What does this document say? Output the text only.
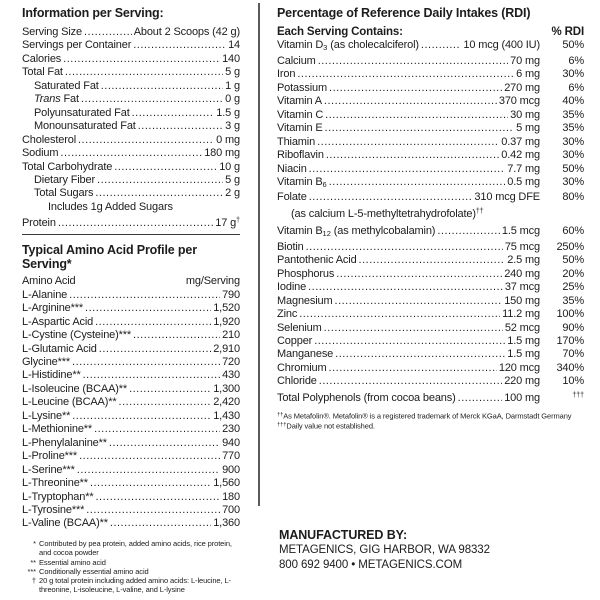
Information per Serving:
Serving Size .....	About 2 Scoops (42 g)
Servings per Container .....	14
Calories .....	140
Total Fat .....	5 g
Saturated Fat .....	1 g
Trans Fat .....	0 g
Polyunsaturated Fat .....	1.5 g
Monounsaturated Fat .....	3 g
Cholesterol .....	0 mg
Sodium .....	180 mg
Total Carbohydrate .....	10 g
Dietary Fiber .....	5 g
Total Sugars .....	2 g
Includes 1g Added Sugars
Protein .....	17 g†
Typical Amino Acid Profile per Serving*
Amino Acid	mg/Serving
L-Alanine .....	790
L-Arginine*** .....	1,520
L-Aspartic Acid .....	1,920
L-Cystine (Cysteine)*** .....	210
L-Glutamic Acid .....	2,910
Glycine*** .....	720
L-Histidine** .....	430
L-Isoleucine (BCAA)** .....	1,300
L-Leucine (BCAA)** .....	2,420
L-Lysine** .....	1,430
L-Methionine** .....	230
L-Phenylalanine** .....	940
L-Proline*** .....	770
L-Serine*** .....	900
L-Threonine** .....	1,560
L-Tryptophan** .....	180
L-Tyrosine*** .....	700
L-Valine (BCAA)** .....	1,360
* Contributed by pea protein, added amino acids, rice protein, and cocoa powder
** Essential amino acid
*** Conditionally essential amino acid
† 20 g total protein including added amino acids: L-leucine, L-threonine, L-isoleucine, L-valine, and L-lysine
Percentage of Reference Daily Intakes (RDI)
Each Serving Contains:	% RDI
Vitamin $D_3$ (as cholecalciferol) .....	10 mcg (400 IU)	50%
Calcium .....	70 mg	6%
Iron .....	6 mg	30%
Potassium .....	270 mg	6%
Vitamin A .....	370 mcg	40%
Vitamin C .....	30 mg	35%
Vitamin E .....	5 mg	35%
Thiamin .....	0.37 mg	30%
Riboflavin .....	0.42 mg	30%
Niacin .....	7.7 mg	50%
Vitamin $B_6$ .....	0.5 mg	30%
Folate .....	310 mcg DFE	80%
(as calcium L-5-methyltetrahydrofolate)††
Vitamin $B_{12}$ (as methylcobalamin) .....	1.5 mcg	60%
Biotin .....	75 mcg	250%
Pantothenic Acid .....	2.5 mg	50%
Phosphorus .....	240 mg	20%
Iodine .....	37 mcg	25%
Magnesium .....	150 mg	35%
Zinc .....	11.2 mg	100%
Selenium .....	52 mcg	90%
Copper .....	1.5 mg	170%
Manganese .....	1.5 mg	70%
Chromium .....	120 mcg	340%
Chloride .....	220 mg	10%
Total Polyphenols (from cocoa beans) .....	100 mg	†††
††As Metafolin®. Metafolin® is a registered trademark of Merck KGaA, Darmstadt Germany
†††Daily value not established.
MANUFACTURED BY:
METAGENICS, GIG HARBOR, WA 98332
800 692 9400 • METAGENICS.COM
